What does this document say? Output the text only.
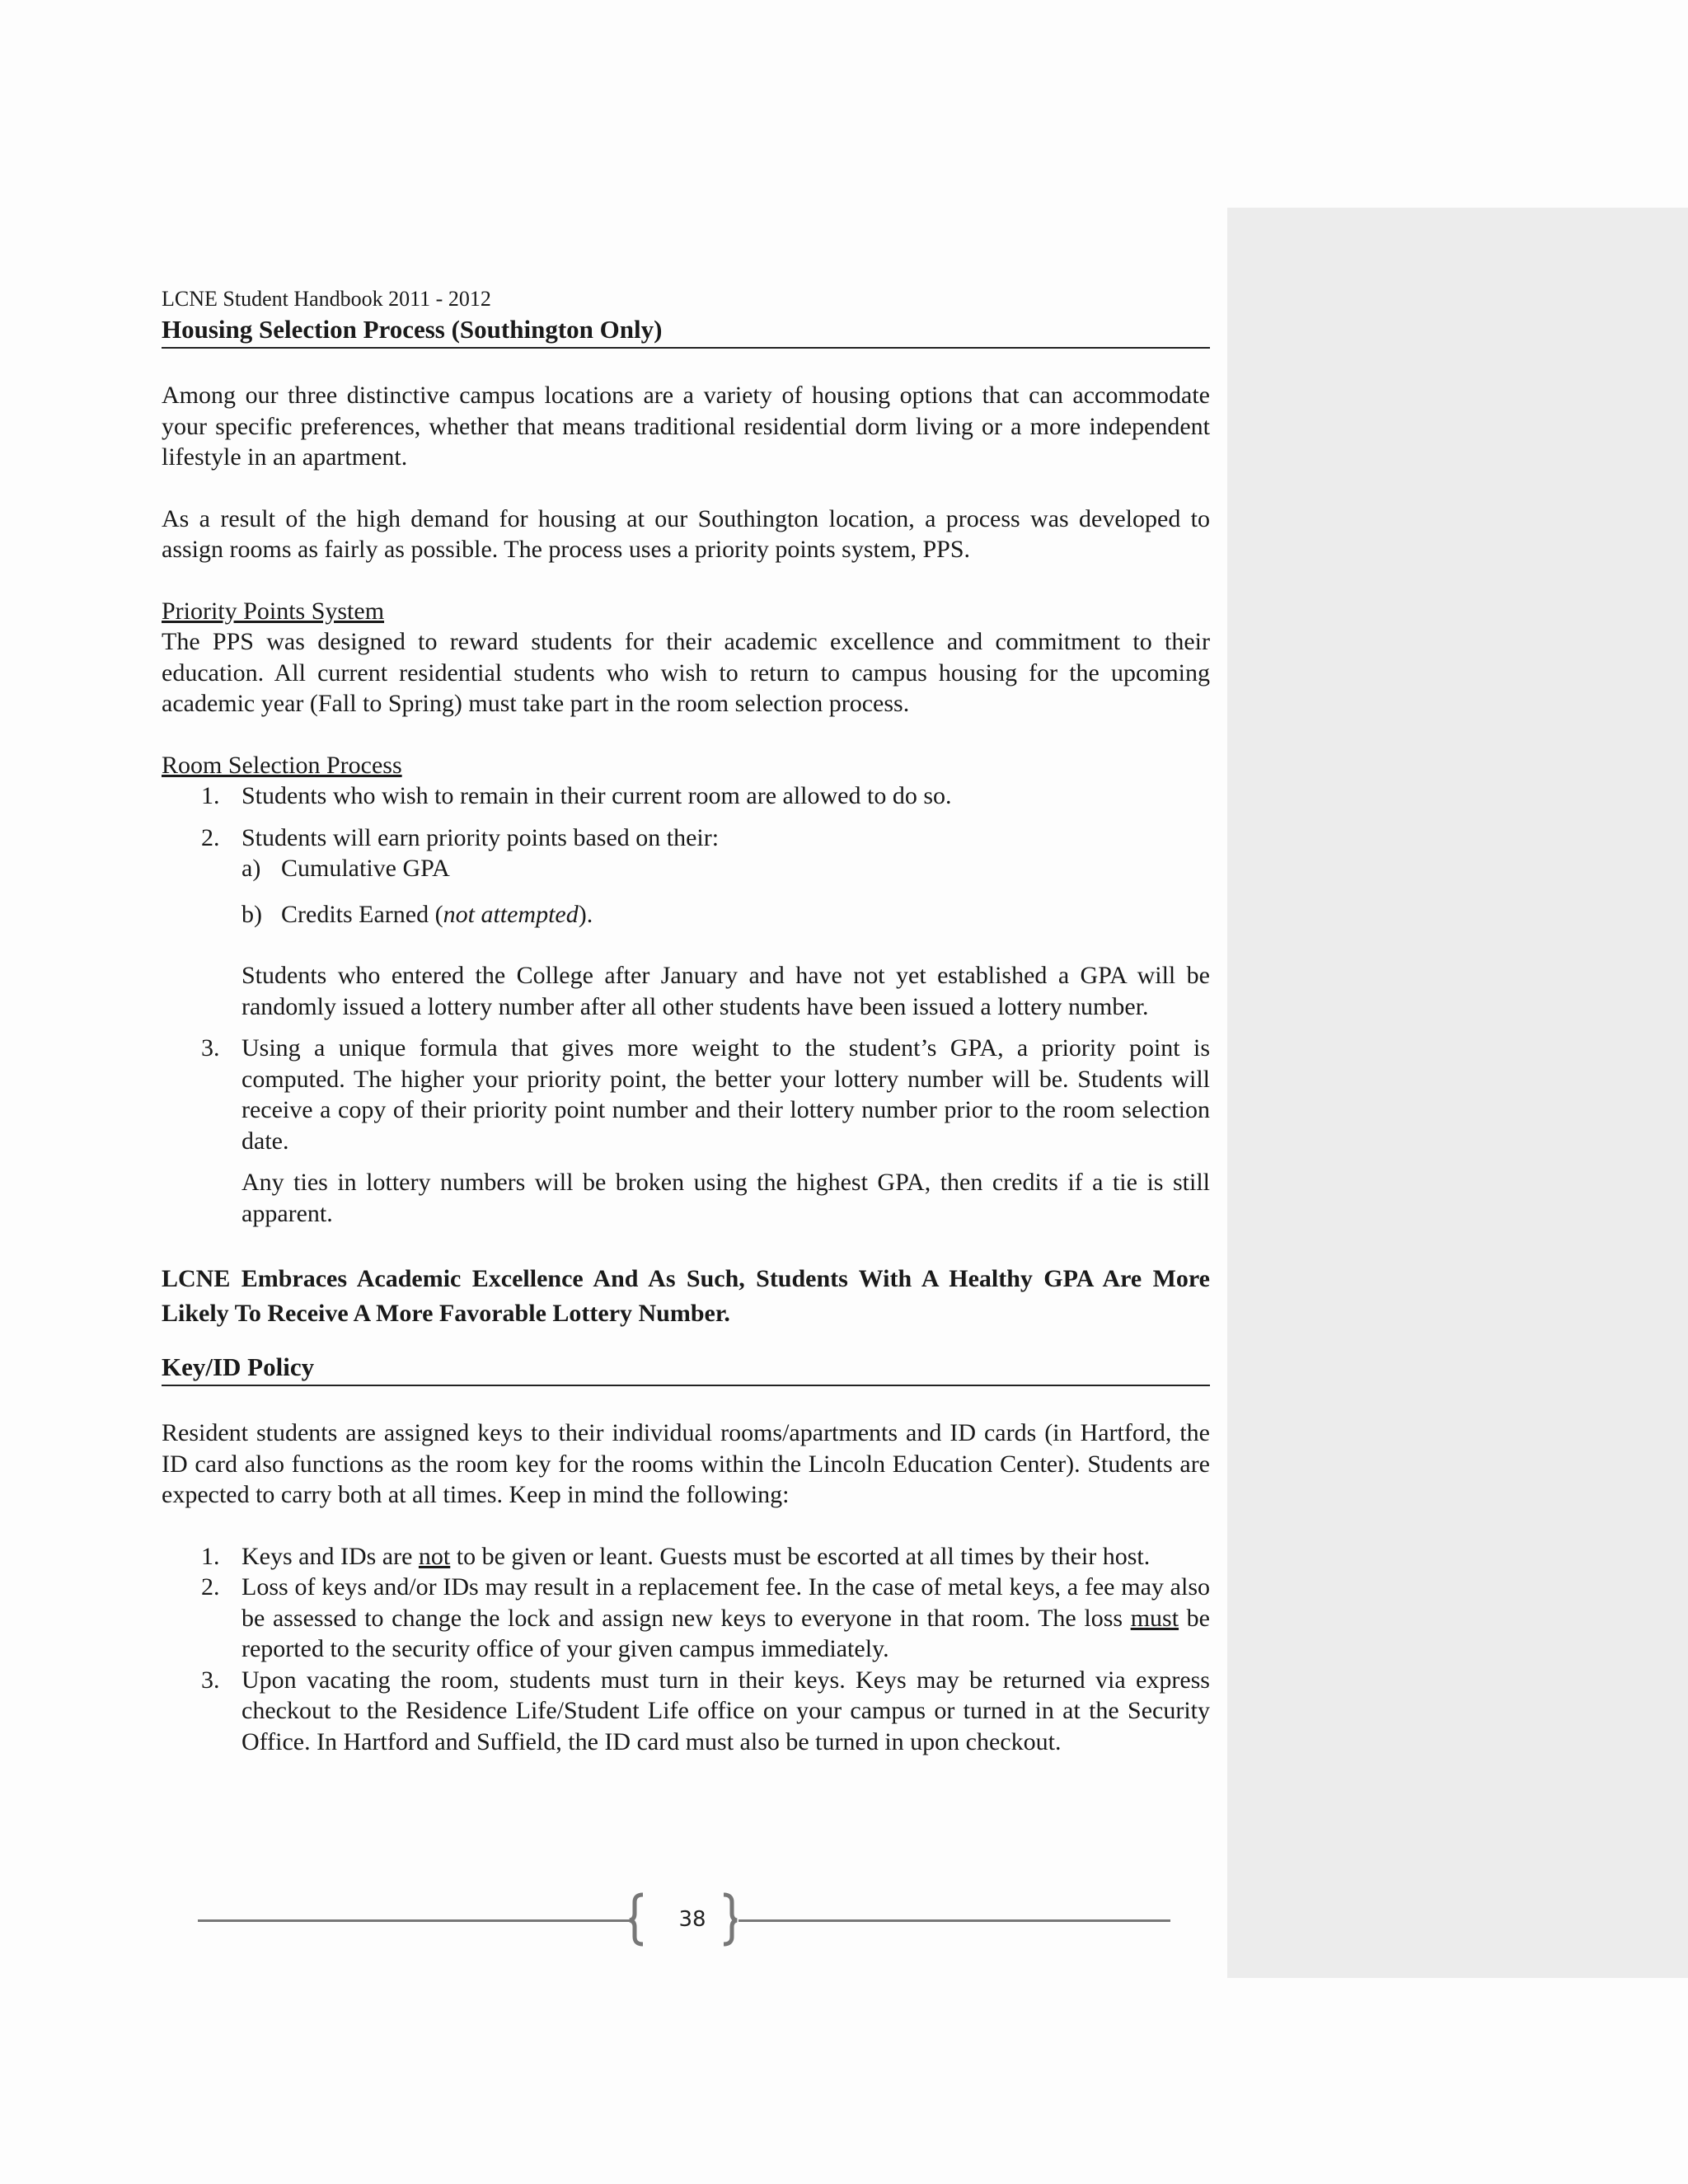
LCNE Student Handbook 2011 - 2012
Housing Selection Process (Southington Only)

Among our three distinctive campus locations are a variety of housing options that can accommodate your specific preferences, whether that means traditional residential dorm living or a more independent lifestyle in an apartment.

As a result of the high demand for housing at our Southington location, a process was developed to assign rooms as fairly as possible. The process uses a priority points system, PPS.

Priority Points System

The PPS was designed to reward students for their academic excellence and commitment to their education. All current residential students who wish to return to campus housing for the upcoming academic year (Fall to Spring) must take part in the room selection process.

Room Selection Process
1. Students who wish to remain in their current room are allowed to do so.
2. Students will earn priority points based on their:
a) Cumulative GPA
b) Credits Earned (not attempted).
Students who entered the College after January and have not yet established a GPA will be randomly issued a lottery number after all other students have been issued a lottery number.
3. Using a unique formula that gives more weight to the student’s GPA, a priority point is computed. The higher your priority point, the better your lottery number will be. Students will receive a copy of their priority point number and their lottery number prior to the room selection date.
Any ties in lottery numbers will be broken using the highest GPA, then credits if a tie is still apparent.
LCNE Embraces Academic Excellence And As Such, Students With A Healthy GPA Are More Likely To Receive A More Favorable Lottery Number.
Key/ID Policy

Resident students are assigned keys to their individual rooms/apartments and ID cards (in Hartford, the ID card also functions as the room key for the rooms within the Lincoln Education Center). Students are expected to carry both at all times. Keep in mind the following:

1. Keys and IDs are not to be given or leant. Guests must be escorted at all times by their host.
2. Loss of keys and/or IDs may result in a replacement fee. In the case of metal keys, a fee may also be assessed to change the lock and assign new keys to everyone in that room. The loss must be reported to the security office of your given campus immediately.
3. Upon vacating the room, students must turn in their keys. Keys may be returned via express checkout to the Residence Life/Student Life office on your campus or turned in at the Security Office. In Hartford and Suffield, the ID card must also be turned in upon checkout.
38
